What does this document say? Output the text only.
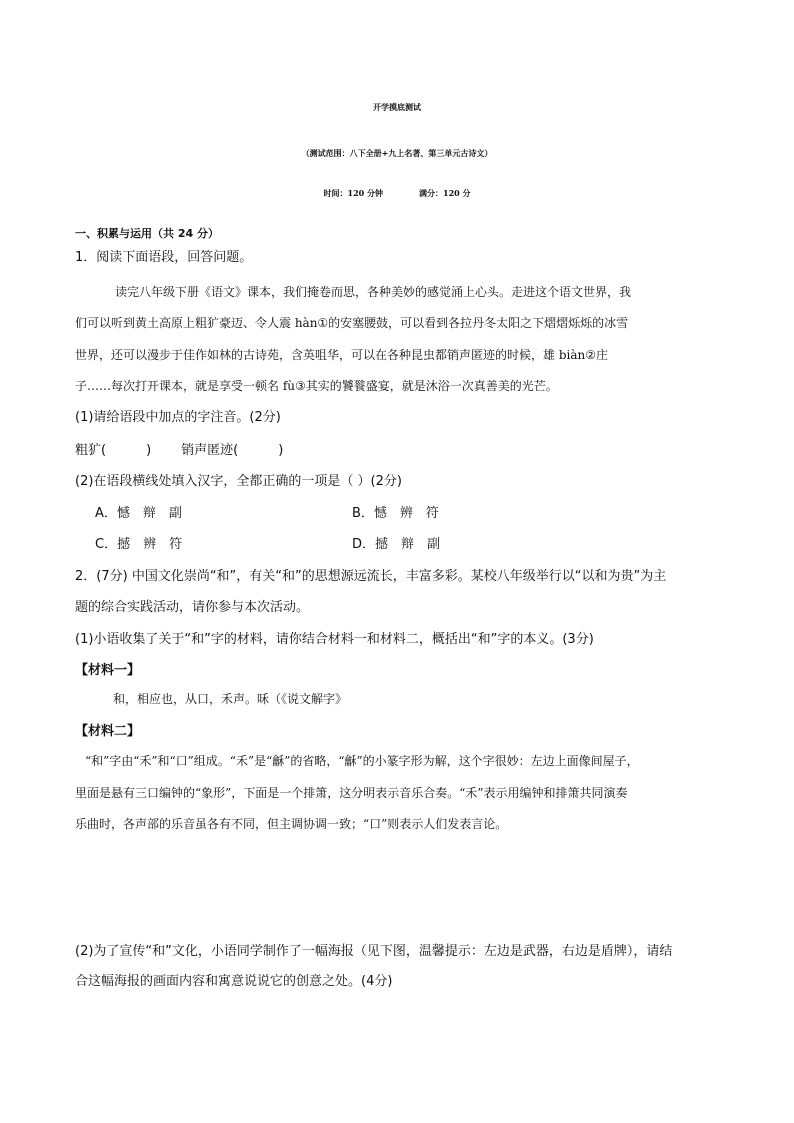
开学摸底测试
（测试范围：八下全册+九上名著、第三单元古诗文）
时间：120 分钟	满分：120 分
一、积累与运用（共 24 分）
1．阅读下面语段，回答问题。
读完八年级下册《语文》课本，我们掩卷而思，各种美妙的感觉涌上心头。走进这个语文世界，我
们可以听到黄土高原上粗犷豪迈、令人震 hàn①的安塞腰鼓，可以看到各拉丹冬太阳之下熠熠烁烁的冰雪
世界，还可以漫步于佳作如林的古诗苑，含英咀华，可以在各种昆虫都销声匿迹的时候，雄 biàn②庄
子……每次打开课本，就是享受一顿名 fù③其实的饕餮盛宴，就是沐浴一次真善美的光芒。
(1)请给语段中加点的字注音。(2分)
粗犷(	) 销声匿迹(	)
(2)在语段横线处填入汉字，全都正确的一项是（ ）(2分)
A．憾　辩　副	B．憾　辨　符
C．撼　辨　符	D．撼　辩　副
2．(7分) 中国文化崇尚“和”，有关“和”的思想源远流长，丰富多彩。某校八年级举行以“以和为贵”为主
题的综合实践活动，请你参与本次活动。
(1)小语收集了关于“和”字的材料，请你结合材料一和材料二，概括出“和”字的本义。(3分)
【材料一】
和，相应也，从口，禾声。咊（《说文解字》
【材料二】
“和”字由“禾”和“口”组成。“禾”是“龢”的省略，“龢”的小篆字形为解，这个字很妙：左边上面像间屋子，
里面是悬有三口编钟的“象形”，下面是一个排箫，这分明表示音乐合奏。“禾”表示用编钟和排箫共同演奏
乐曲时，各声部的乐音虽各有不同，但主调协调一致；“口”则表示人们发表言论。
(2)为了宣传“和”文化，小语同学制作了一幅海报（见下图，温馨提示：左边是武器，右边是盾牌），请结
合这幅海报的画面内容和寓意说说它的创意之处。(4分)
